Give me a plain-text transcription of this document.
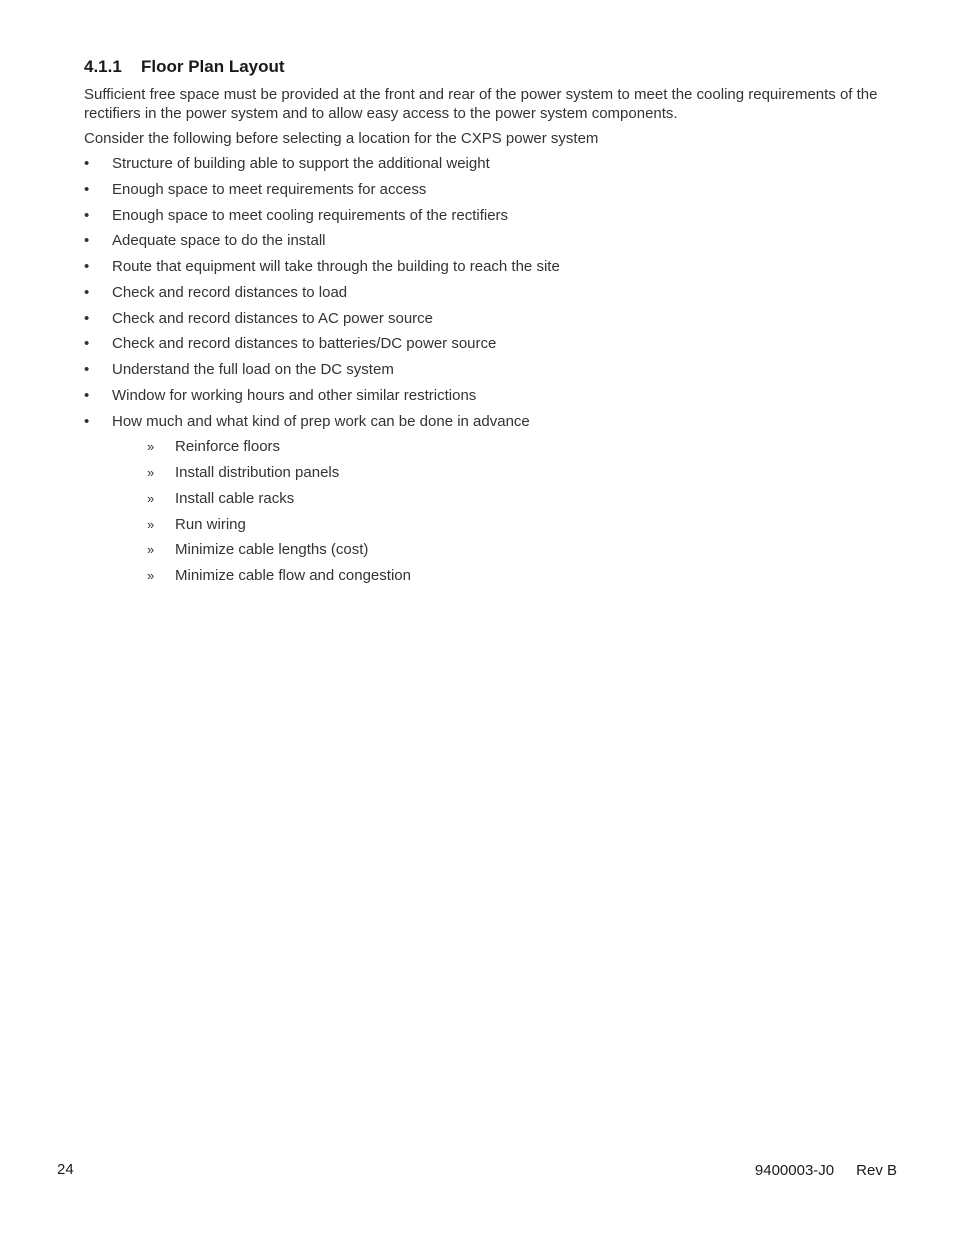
4.1.1 Floor Plan Layout

Sufficient free space must be provided at the front and rear of the power system to meet the cooling requirements of the rectifiers in the power system and to allow easy access to the power system components.

Consider the following before selecting a location for the CXPS power system

•	Structure of building able to support the additional weight
•	Enough space to meet requirements for access
•	Enough space to meet cooling requirements of the rectifiers
•	Adequate space to do the install
•	Route that equipment will take through the building to reach the site
•	Check and record distances to load
•	Check and record distances to AC power source
•	Check and record distances to batteries/DC power source
•	Understand the full load on the DC system
•	Window for working hours and other similar restrictions
•	How much and what kind of prep work can be done in advance
» Reinforce floors
» Install distribution panels
» Install cable racks
» Run wiring
» Minimize cable lengths (cost)
» Minimize cable flow and congestion
24	9400003-J0 Rev B
